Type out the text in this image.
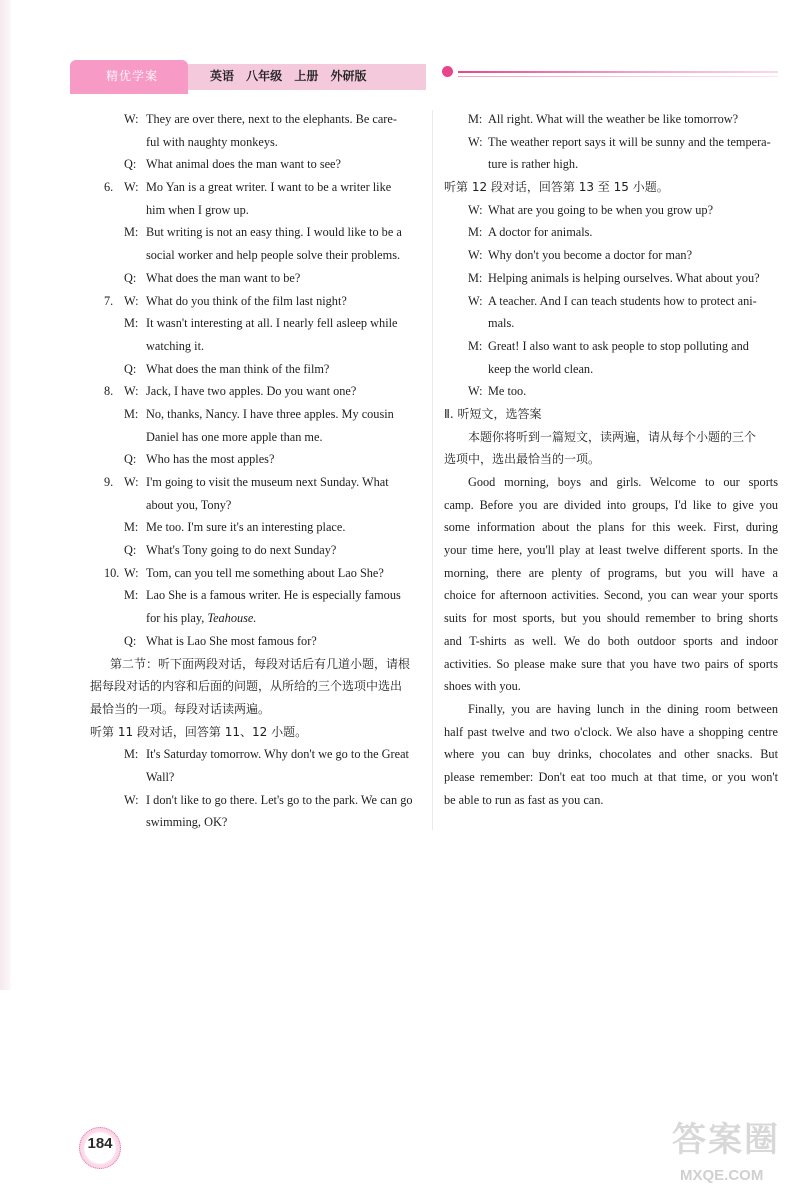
精优学案	英语 八年级 上册 外研版
W: They are over there, next to the elephants. Be care-
ful with naughty monkeys.
Q: What animal does the man want to see?
6. W: Mo Yan is a great writer. I want to be a writer like
him when I grow up.
M: But writing is not an easy thing. I would like to be a
social worker and help people solve their problems.
Q: What does the man want to be?
7. W: What do you think of the film last night?
M: It wasn't interesting at all. I nearly fell asleep while
watching it.
Q: What does the man think of the film?
8. W: Jack, I have two apples. Do you want one?
M: No, thanks, Nancy. I have three apples. My cousin
Daniel has one more apple than me.
Q: Who has the most apples?
9. W: I'm going to visit the museum next Sunday. What
about you, Tony?
M: Me too. I'm sure it's an interesting place.
Q: What's Tony going to do next Sunday?
10. W: Tom, can you tell me something about Lao She?
M: Lao She is a famous writer. He is especially famous
for his play, Teahouse.
Q: What is Lao She most famous for?
第二节：听下面两段对话，每段对话后有几道小题，请根
据每段对话的内容和后面的问题，从所给的三个选项中选出
最恰当的一项。每段对话读两遍。
听第 11 段对话，回答第 11、12 小题。
M: It's Saturday tomorrow. Why don't we go to the Great
Wall?
W: I don't like to go there. Let's go to the park. We can go
swimming, OK?
M: All right. What will the weather be like tomorrow?
W: The weather report says it will be sunny and the tempera-
ture is rather high.
听第 12 段对话，回答第 13 至 15 小题。
W: What are you going to be when you grow up?
M: A doctor for animals.
W: Why don't you become a doctor for man?
M: Helping animals is helping ourselves. What about you?
W: A teacher. And I can teach students how to protect ani-
mals.
M: Great! I also want to ask people to stop polluting and
keep the world clean.
W: Me too.
Ⅱ. 听短文，选答案
本题你将听到一篇短文，读两遍，请从每个小题的三个
选项中，选出最恰当的一项。
Good morning, boys and girls. Welcome to our sports
camp. Before you are divided into groups, I'd like to give you
some information about the plans for this week. First, during
your time here, you'll play at least twelve different sports. In the
morning, there are plenty of programs, but you will have a
choice for afternoon activities. Second, you can wear your sports
suits for most sports, but you should remember to bring shorts
and T-shirts as well. We do both outdoor sports and indoor
activities. So please make sure that you have two pairs of sports
shoes with you.
Finally, you are having lunch in the dining room between
half past twelve and two o'clock. We also have a shopping centre
where you can buy drinks, chocolates and other snacks. But
please remember: Don't eat too much at that time, or you won't
be able to run as fast as you can.
184	答案圈
MXQE.COM
